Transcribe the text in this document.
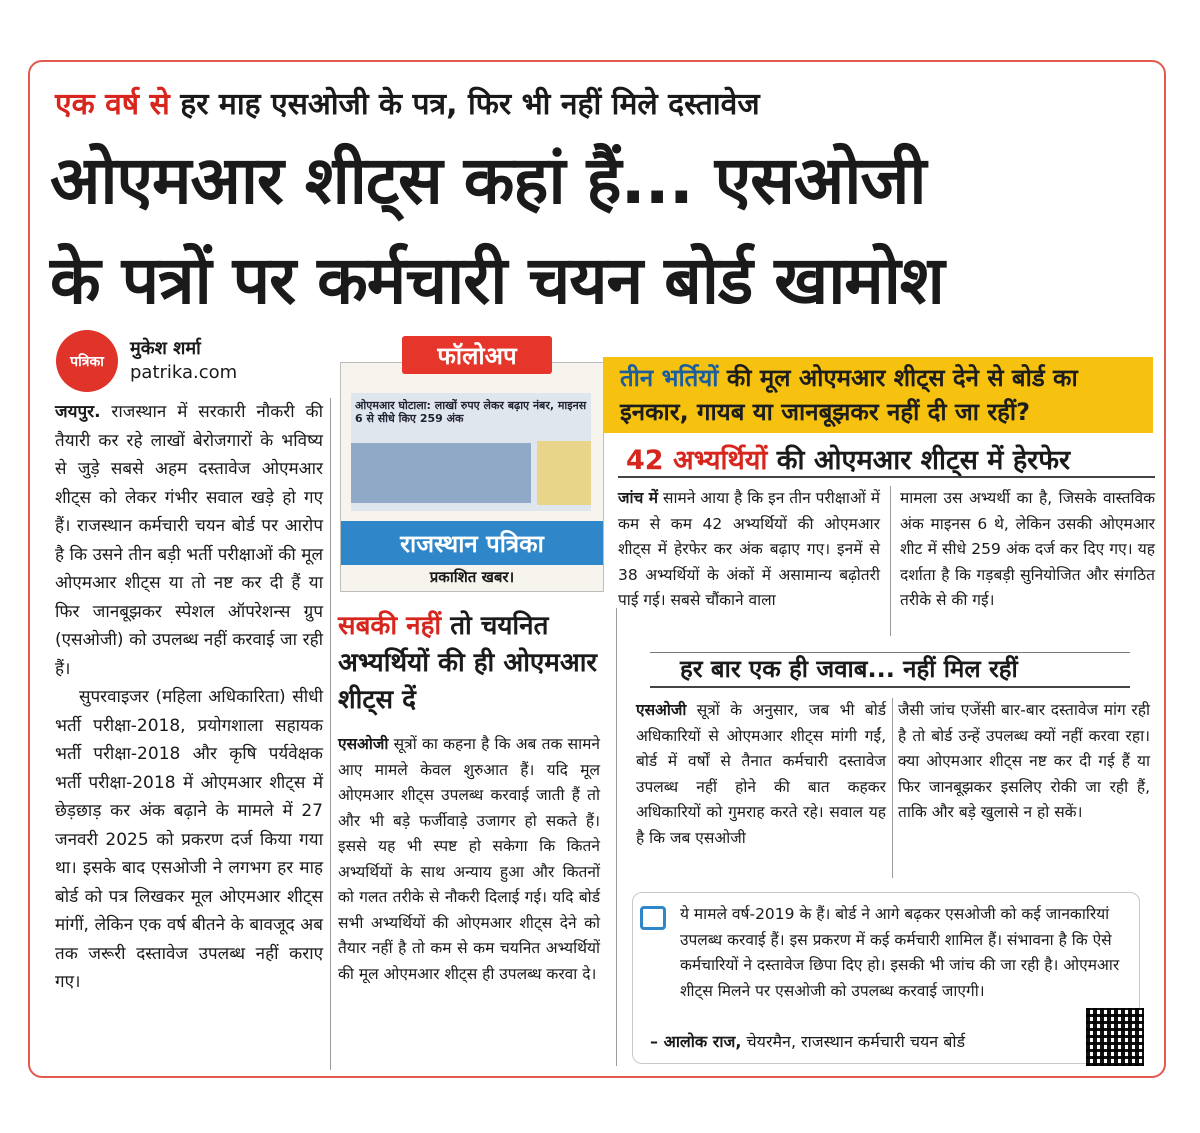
एक वर्ष से हर माह एसओजी के पत्र, फिर भी नहीं मिले दस्तावेज
ओएमआर शीट्स कहां हैं... एसओजी
के पत्रों पर कर्मचारी चयन बोर्ड खामोश
पत्रिका
मुकेश शर्मा
patrika.com

जयपुर. राजस्थान में सरकारी नौकरी की तैयारी कर रहे लाखों बेरोजगारों के भविष्य से जुड़े सबसे अहम दस्तावेज ओएमआर शीट्स को लेकर गंभीर सवाल खड़े हो गए हैं। राजस्थान कर्मचारी चयन बोर्ड पर आरोप है कि उसने तीन बड़ी भर्ती परीक्षाओं की मूल ओएमआर शीट्स या तो नष्ट कर दी हैं या फिर जानबूझकर स्पेशल ऑपरेशन्स ग्रुप (एसओजी) को उपलब्ध नहीं करवाई जा रही हैं।

सुपरवाइजर (महिला अधिकारिता) सीधी भर्ती परीक्षा-2018, प्रयोगशाला सहायक भर्ती परीक्षा-2018 और कृषि पर्यवेक्षक भर्ती परीक्षा-2018 में ओएमआर शीट्स में छेड़छाड़ कर अंक बढ़ाने के मामले में 27 जनवरी 2025 को प्रकरण दर्ज किया गया था। इसके बाद एसओजी ने लगभग हर माह बोर्ड को पत्र लिखकर मूल ओएमआर शीट्स मांगीं, लेकिन एक वर्ष बीतने के बावजूद अब तक जरूरी दस्तावेज उपलब्ध नहीं कराए गए।

ओएमआर घोटाला: लाखों रुपए लेकर बढ़ाए नंबर, माइनस 6 से सीधे किए 259 अंक
राजस्थान पत्रिका
प्रकाशित खबर।
फॉलोअप
तीन भर्तियों की मूल ओएमआर शीट्स देने से बोर्ड का इनकार, गायब या जानबूझकर नहीं दी जा रहीं?
42 अभ्यर्थियों की ओएमआर शीट्स में हेरफेर

जांच में सामने आया है कि इन तीन परीक्षाओं में कम से कम 42 अभ्यर्थियों की ओएमआर शीट्स में हेरफेर कर अंक बढ़ाए गए। इनमें से 38 अभ्यर्थियों के अंकों में असामान्य बढ़ोतरी पाई गई। सबसे चौंकाने वाला

मामला उस अभ्यर्थी का है, जिसके वास्तविक अंक माइनस 6 थे, लेकिन उसकी ओएमआर शीट में सीधे 259 अंक दर्ज कर दिए गए। यह दर्शाता है कि गड़बड़ी सुनियोजित और संगठित तरीके से की गई।

सबकी नहीं तो चयनित अभ्यर्थियों की ही ओएमआर शीट्स दें

एसओजी सूत्रों का कहना है कि अब तक सामने आए मामले केवल शुरुआत हैं। यदि मूल ओएमआर शीट्स उपलब्ध करवाई जाती हैं तो और भी बड़े फर्जीवाड़े उजागर हो सकते हैं। इससे यह भी स्पष्ट हो सकेगा कि कितने अभ्यर्थियों के साथ अन्याय हुआ और कितनों को गलत तरीके से नौकरी दिलाई गई। यदि बोर्ड सभी अभ्यर्थियों की ओएमआर शीट्स देने को तैयार नहीं है तो कम से कम चयनित अभ्यर्थियों की मूल ओएमआर शीट्स ही उपलब्ध करवा दे।

हर बार एक ही जवाब... नहीं मिल रहीं

एसओजी सूत्रों के अनुसार, जब भी बोर्ड अधिकारियों से ओएमआर शीट्स मांगी गईं, बोर्ड में वर्षों से तैनात कर्मचारी दस्तावेज उपलब्ध नहीं होने की बात कहकर अधिकारियों को गुमराह करते रहे। सवाल यह है कि जब एसओजी

जैसी जांच एजेंसी बार-बार दस्तावेज मांग रही है तो बोर्ड उन्हें उपलब्ध क्यों नहीं करवा रहा। क्या ओएमआर शीट्स नष्ट कर दी गई हैं या फिर जानबूझकर इसलिए रोकी जा रही हैं, ताकि और बड़े खुलासे न हो सकें।

ये मामले वर्ष-2019 के हैं। बोर्ड ने आगे बढ़कर एसओजी को कई जानकारियां उपलब्ध करवाई हैं। इस प्रकरण में कई कर्मचारी शामिल हैं। संभावना है कि ऐसे कर्मचारियों ने दस्तावेज छिपा दिए हो। इसकी भी जांच की जा रही है। ओएमआर शीट्स मिलने पर एसओजी को उपलब्ध करवाई जाएगी।
– आलोक राज, चेयरमैन, राजस्थान कर्मचारी चयन बोर्ड
